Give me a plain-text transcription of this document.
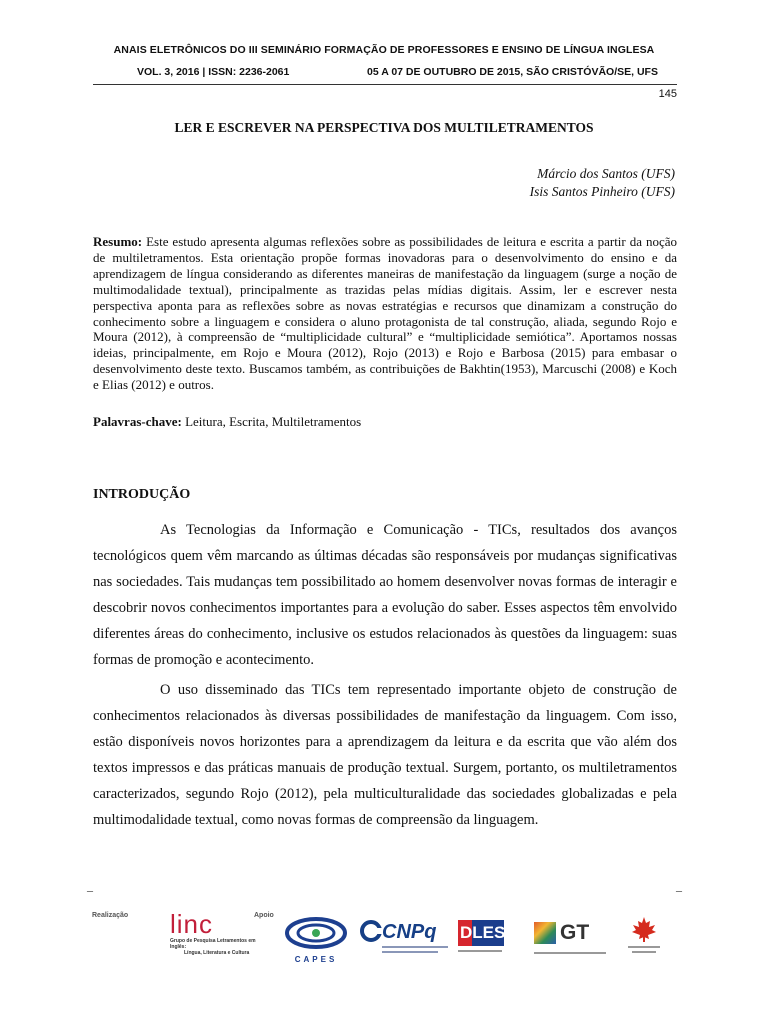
ANAIS ELETRÔNICOS DO III SEMINÁRIO FORMAÇÃO DE PROFESSORES E ENSINO DE LÍNGUA INGLESA
VOL. 3, 2016 | ISSN: 2236-2061	05 A 07 DE OUTUBRO DE 2015, SÃO CRISTÓVÃO/SE, UFS
145
LER E ESCREVER NA PERSPECTIVA DOS MULTILETRAMENTOS
Márcio dos Santos (UFS)
Isis Santos Pinheiro (UFS)
Resumo: Este estudo apresenta algumas reflexões sobre as possibilidades de leitura e escrita a partir da noção de multiletramentos. Esta orientação propõe formas inovadoras para o desenvolvimento do ensino e da aprendizagem de língua considerando as diferentes maneiras de manifestação da linguagem (surge a noção de multimodalidade textual), principalmente as trazidas pelas mídias digitais. Assim, ler e escrever nesta perspectiva aponta para as reflexões sobre as novas estratégias e recursos que dinamizam a construção do conhecimento sobre a linguagem e considera o aluno protagonista de tal construção, aliada, segundo Rojo e Moura (2012), à compreensão de “multiplicidade cultural” e “multiplicidade semiótica”. Aportamos nossas ideias, principalmente, em Rojo e Moura (2012), Rojo (2013) e Rojo e Barbosa (2015) para embasar o desenvolvimento deste texto. Buscamos também, as contribuições de Bakhtin(1953), Marcuschi (2008) e Koch e Elias (2012) e outros.
Palavras-chave: Leitura, Escrita, Multiletramentos
INTRODUÇÃO

As Tecnologias da Informação e Comunicação - TICs, resultados dos avanços tecnológicos quem vêm marcando as últimas décadas são responsáveis por mudanças significativas nas sociedades. Tais mudanças tem possibilitado ao homem desenvolver novas formas de interagir e descobrir novos conhecimentos importantes para a evolução do saber. Esses aspectos têm envolvido diferentes áreas do conhecimento, inclusive os estudos relacionados às questões da linguagem: suas formas de promoção e acontecimento.

O uso disseminado das TICs tem representado importante objeto de construção de conhecimentos relacionados às diversas possibilidades de manifestação da linguagem. Com isso, estão disponíveis novos horizontes para a aprendizagem da leitura e da escrita que vão além dos textos impressos e das práticas manuais de produção textual. Surgem, portanto, os multiletramentos caracterizados, segundo Rojo (2012), pela multiculturalidade das sociedades globalizadas e pela multimodalidade textual, como novas formas de compreensão da linguagem.

–	–
Realização	Apoio
linc
Grupo de Pesquisa Letramentos em Inglês:
Língua, Literatura e Cultura
CAPES
CNPq DLES	GT
